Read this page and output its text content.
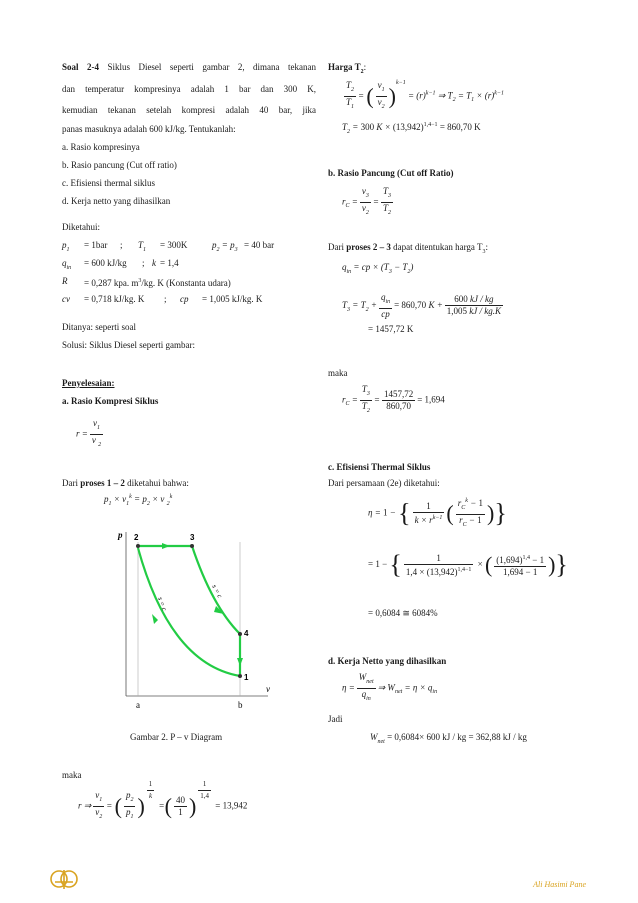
Soal 2-4 Siklus Diesel seperti gambar 2, dimana tekanan
dan temperatur kompresinya adalah 1 bar dan 300 K,
kemudian tekanan setelah kompresi adalah 40 bar, jika
panas masuknya adalah 600 kJ/kg. Tentukanlah:
a. Rasio kompresinya
b. Rasio pancung (Cut off ratio)
c. Efisiensi thermal siklus
d. Kerja netto yang dihasilkan
Diketahui:
$p_1 = 1bar$ ; $T_1 = 300K$	$p_2 = p_3 = 40$ bar
$q_{in} = 600$ kJ/kg ; k = 1,4
R = 0,287 kpa. $m^3/kg$. K (Konstanta udara)
cv = 0,718 kJ/kg. K ; cp = 1,005 kJ/kg. K
Ditanya: seperti soal
Solusi: Siklus Diesel seperti gambar:
Penyelesaian:
a. Rasio Kompresi Siklus
$r = \frac{v_1}{v _2}$
Dari proses 1 – 2 diketahui bahwa:
$p_1 \times v_1^k = p_2 \times v$ $_2^k$
Gambar 2. P – v Diagram
maka
r ⇒ $\frac{v_1}{v_2}$ = ( $\frac{p_2}{p_1}$ )
$^{\frac{1}{k}}$
=( $\frac{40}{1}$ )
$^{\frac{1}{1,4}}$
= 13,942
p
v
a	b
2	3
4
1
s = c
s = c
Harga $T_2$:
$\frac{T_2}{T_1}$ = ( $\frac{v_1}{v_2} )^{k-1} = (r)^{k-1}$ ⇒ $T_2 = T_1 \times (r)^{k-1}$
$T_2 = 300$ $K \times (13,942)^{1,4-1} = 860,70$ K
b. Rasio Pancung (Cut off Ratio)
$r_C = \frac{v_3}{v_2} = \frac{T_3}{T_2}$
Dari proses 2 – 3 dapat ditentukan harga $T_3$:
$q_{in}$ = cp × $(T_3 - T_2)$
$T_3 = T_2 + \frac{q_{in}}{cp} = 860,70$ $K + \frac{600 kJ / kg}{1,005 kJ / kg.K}$
= 1457,72 K
maka
$r_C = \frac{T_3}{T_2} = \frac{1457,72}{860,70} = 1,694$
c. Efisiensi Thermal Siklus
Dari persamaan (2e) diketahui:
η = 1 − { $\frac{1}{k \times r^{k-1}}$ ( $\frac{r_C^k - 1}{r_C - 1}$ )}
= 1 − { $\frac{1}{1,4 \times (13,942)^{1,4-1}}$ × ( $\frac{(1,694)^{1,4} - 1}{1,694 - 1}$ )}
= 0,6084 ≅ 6084%
d. Kerja Netto yang dihasilkan
$\eta = \frac{W_{net}}{q_{in}}$ ⇒ $W_{net} = \eta \times q_{in}$
Jadi
$W_{net} = 0,6084\times 600$ kJ / kg = 362,88 kJ / kg
Ali Hasimi Pane
